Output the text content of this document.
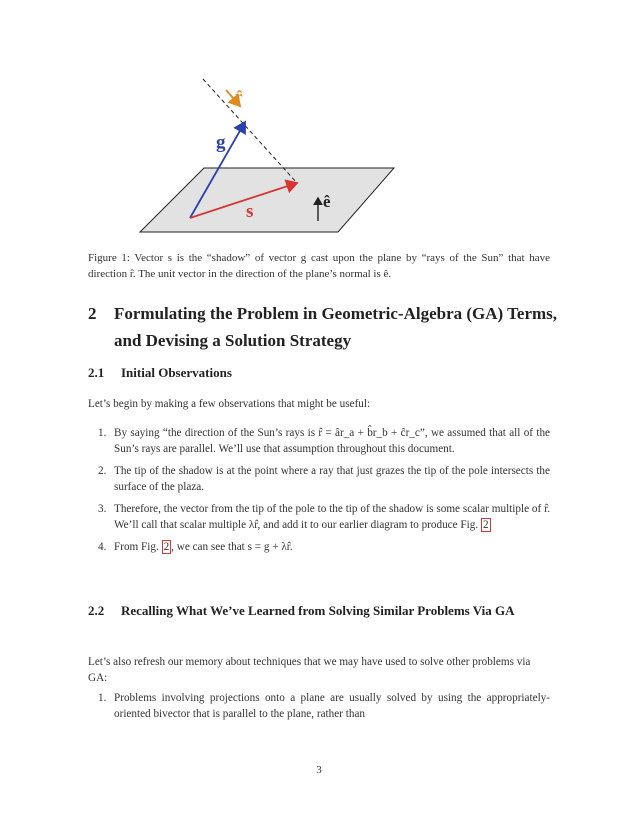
r̂
g
s	ê
Figure 1: Vector s is the “shadow” of vector g cast upon the plane by “rays of the Sun” that have direction r̂. The unit vector in the direction of the plane’s normal is ê.
2	Formulating the Problem in Geometric-Algebra (GA) Terms, and Devising a Solution Strategy
2.1	Initial Observations
Let’s begin by making a few observations that might be useful:
1. By saying “the direction of the Sun’s rays is r̂ = âr_a + b̂r_b + ĉr_c”, we assumed that all of the Sun’s rays are parallel. We’ll use that assumption throughout this document.
2. The tip of the shadow is at the point where a ray that just grazes the tip of the pole intersects the surface of the plaza.
3. Therefore, the vector from the tip of the pole to the tip of the shadow is some scalar multiple of r̂. We’ll call that scalar multiple λr̂, and add it to our earlier diagram to produce Fig. 2
4. From Fig. 2 , we can see that s = g + λr̂.
2.2	Recalling What We’ve Learned from Solving Similar Problems Via GA
Let’s also refresh our memory about techniques that we may have used to solve other problems via GA:
1. Problems involving projections onto a plane are usually solved by using the appropriately-oriented bivector that is parallel to the plane, rather than
3
